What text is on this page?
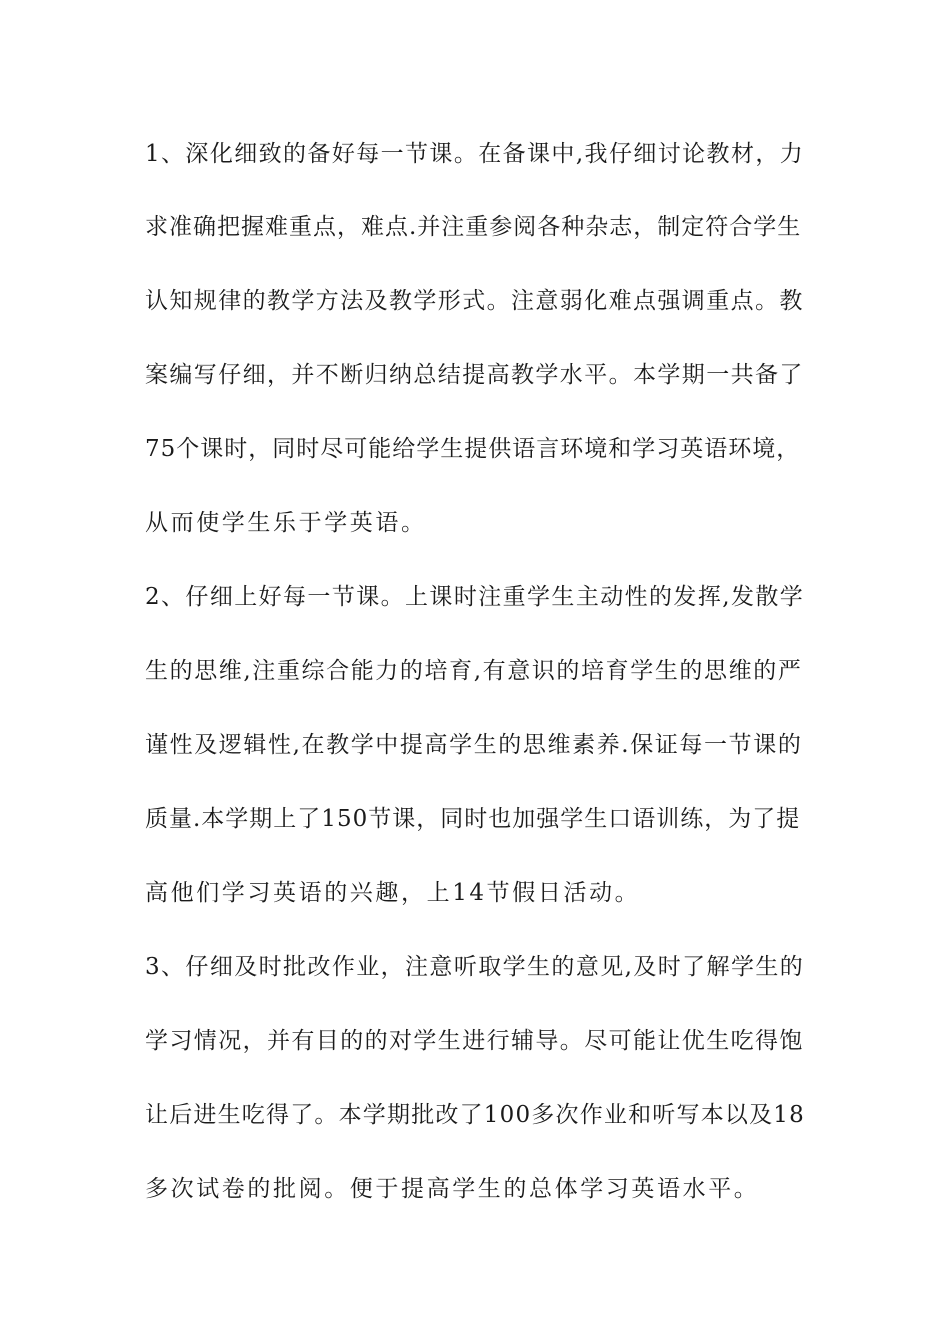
1、深化细致的备好每一节课。在备课中,我仔细讨论教材，力
求准确把握难重点，难点.并注重参阅各种杂志，制定符合学生
认知规律的教学方法及教学形式。注意弱化难点强调重点。教
案编写仔细，并不断归纳总结提高教学水平。本学期一共备了
75个课时，同时尽可能给学生提供语言环境和学习英语环境，
从而使学生乐于学英语。
2、仔细上好每一节课。上课时注重学生主动性的发挥,发散学
生的思维,注重综合能力的培育,有意识的培育学生的思维的严
谨性及逻辑性,在教学中提高学生的思维素养.保证每一节课的
质量.本学期上了150节课，同时也加强学生口语训练，为了提
高他们学习英语的兴趣，上14节假日活动。
3、仔细及时批改作业，注意听取学生的意见,及时了解学生的
学习情况，并有目的的对学生进行辅导。尽可能让优生吃得饱
让后进生吃得了。本学期批改了100多次作业和听写本以及18
多次试卷的批阅。便于提高学生的总体学习英语水平。
